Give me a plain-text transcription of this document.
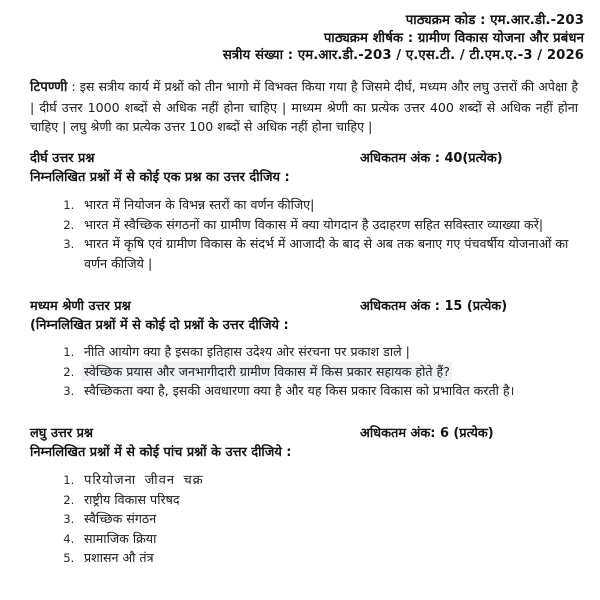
पाठ्यक्रम कोड : एम.आर.डी.-203
पाठ्यक्रम शीर्षक : ग्रामीण विकास योजना और प्रबंधन
सत्रीय संख्या : एम.आर.डी.-203 / ए.एस.टी. / टी.एम.ए.-3 / 2026

टिपण्णी : इस सत्रीय कार्य में प्रश्नों को तीन भागो में विभक्त किया गया है जिसमे दीर्घ, मध्यम और लघु उत्तरों की अपेक्षा है | दीर्घ उत्तर 1000 शब्दों से अधिक नहीं होना चाहिए | माध्यम श्रेणी का प्रत्येक उत्तर 400 शब्दों से अधिक नहीं होना चाहिए | लघु श्रेणी का प्रत्येक उत्तर 100 शब्दों से अधिक नहीं होना चाहिए |

दीर्घ उत्तर प्रश्न	अधिकतम अंक : 40(प्रत्येक)
निम्नलिखित प्रश्नों में से कोई एक प्रश्न का उत्तर दीजिय :
1. भारत में नियोजन के विभन्न स्तरों का वर्णन कीजिए|
2. भारत में स्वैच्छिक संगठनों का ग्रामीण विकास में क्या योगदान है उदाहरण सहित सविस्तार व्याख्या करें|
3. भारत में कृषि एवं ग्रामीण विकास के संदर्भ में आजादी के बाद से अब तक बनाए गए पंचवर्षीय योजनाओं का वर्णन कीजिये |
मध्यम श्रेणी उत्तर प्रश्न	अधिकतम अंक : 15 (प्रत्येक)
(निम्नलिखित प्रश्नों में से कोई दो प्रश्नों के उत्तर दीजिये :
1. नीति आयोग क्या है इसका इतिहास उदेश्य ओर संरचना पर प्रकाश डाले |
2. स्वेच्छिक प्रयास और जनभागीदारी ग्रामीण विकास में किस प्रकार सहायक होते हैं?
3. स्वैच्छिकता क्या है, इसकी अवधारणा क्या है और यह किस प्रकार विकास को प्रभावित करती है।
लघु उत्तर प्रश्न	अधिकतम अंक: 6 (प्रत्येक)
निम्नलिखित प्रश्नों में से कोई पांच प्रश्नों के उत्तर दीजिये :
1. परियोजना जीवन चक्र
2. राष्ट्रीय विकास परिषद
3. स्वैच्छिक संगठन
4. सामाजिक क्रिया
5. प्रशासन औ तंत्र
